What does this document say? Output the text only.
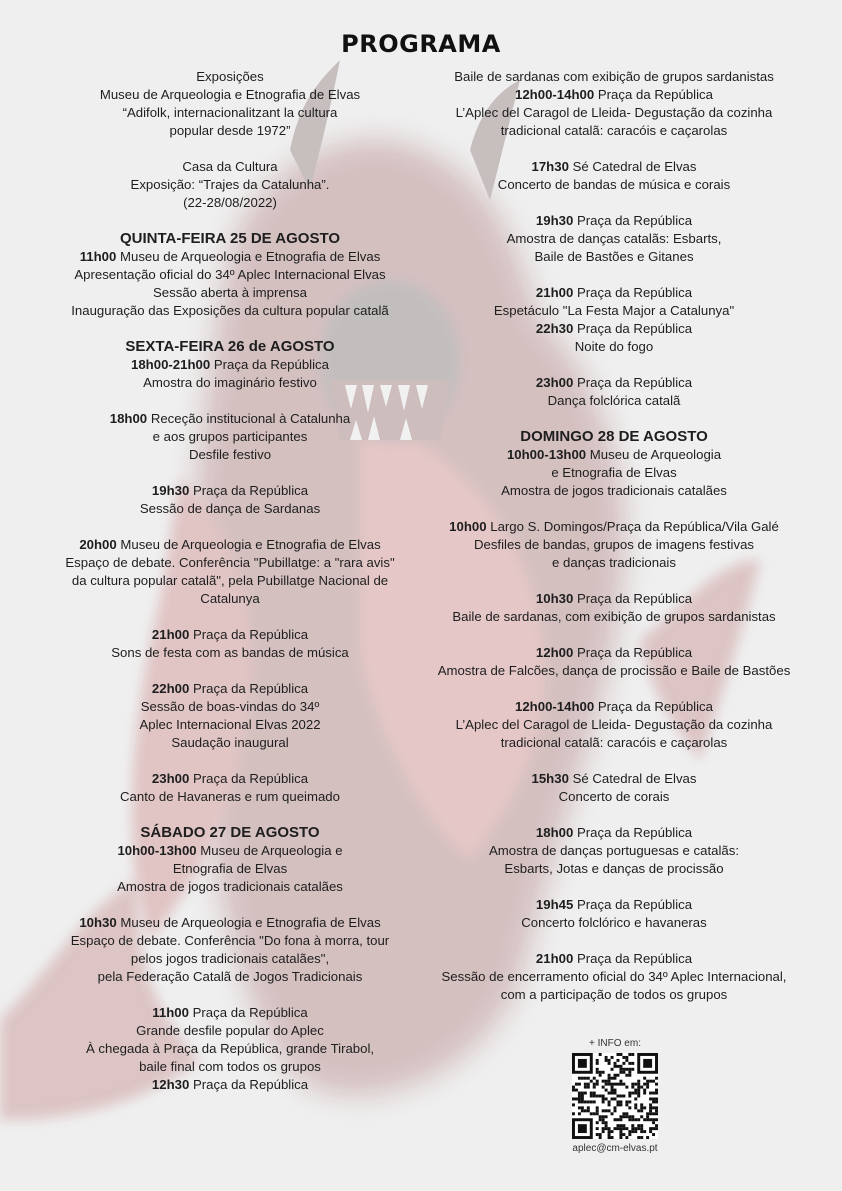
PROGRAMA
Exposições
Museu de Arqueologia e Etnografia de Elvas
“Adifolk, internacionalitzant la cultura
popular desde 1972”
Casa da Cultura
Exposição: “Trajes da Catalunha”.
(22-28/08/2022)
QUINTA-FEIRA 25 DE AGOSTO
11h00 Museu de Arqueologia e Etnografia de Elvas
Apresentação oficial do 34º Aplec Internacional Elvas
Sessão aberta à imprensa
Inauguração das Exposições da cultura popular catalã
SEXTA-FEIRA 26 de AGOSTO
18h00-21h00 Praça da República
Amostra do imaginário festivo
18h00 Receção institucional à Catalunha
e aos grupos participantes
Desfile festivo
19h30 Praça da República
Sessão de dança de Sardanas
20h00 Museu de Arqueologia e Etnografia de Elvas
Espaço de debate. Conferência "Pubillatge: a "rara avis"
da cultura popular catalã", pela Pubillatge Nacional de
Catalunya
21h00 Praça da República
Sons de festa com as bandas de música
22h00 Praça da República
Sessão de boas-vindas do 34º
Aplec Internacional Elvas 2022
Saudação inaugural
23h00 Praça da República
Canto de Havaneras e rum queimado
SÁBADO 27 DE AGOSTO
10h00-13h00 Museu de Arqueologia e
Etnografia de Elvas
Amostra de jogos tradicionais catalães
10h30 Museu de Arqueologia e Etnografia de Elvas
Espaço de debate. Conferência "Do fona à morra, tour
pelos jogos tradicionais catalães",
pela Federação Catalã de Jogos Tradicionais
11h00 Praça da República
Grande desfile popular do Aplec
À chegada à Praça da República, grande Tirabol,
baile final com todos os grupos
12h30 Praça da República
Baile de sardanas com exibição de grupos sardanistas
12h00-14h00 Praça da República
L’Aplec del Caragol de Lleida- Degustação da cozinha
tradicional catalã: caracóis e caçarolas
17h30 Sé Catedral de Elvas
Concerto de bandas de música e corais
19h30 Praça da República
Amostra de danças catalãs: Esbarts,
Baile de Bastões e Gitanes
21h00 Praça da República
Espetáculo "La Festa Major a Catalunya"
22h30 Praça da República
Noite do fogo
23h00 Praça da República
Dança folclórica catalã
DOMINGO 28 DE AGOSTO
10h00-13h00 Museu de Arqueologia
e Etnografia de Elvas
Amostra de jogos tradicionais catalães
10h00 Largo S. Domingos/Praça da República/Vila Galé
Desfiles de bandas, grupos de imagens festivas
e danças tradicionais
10h30 Praça da República
Baile de sardanas, com exibição de grupos sardanistas
12h00 Praça da República
Amostra de Falcões, dança de procissão e Baile de Bastões
12h00-14h00 Praça da República
L’Aplec del Caragol de Lleida- Degustação da cozinha
tradicional catalã: caracóis e caçarolas
15h30 Sé Catedral de Elvas
Concerto de corais
18h00 Praça da República
Amostra de danças portuguesas e catalãs:
Esbarts, Jotas e danças de procissão
19h45 Praça da República
Concerto folclórico e havaneras
21h00 Praça da República
Sessão de encerramento oficial do 34º Aplec Internacional,
com a participação de todos os grupos
+ INFO em:
aplec@cm-elvas.pt
